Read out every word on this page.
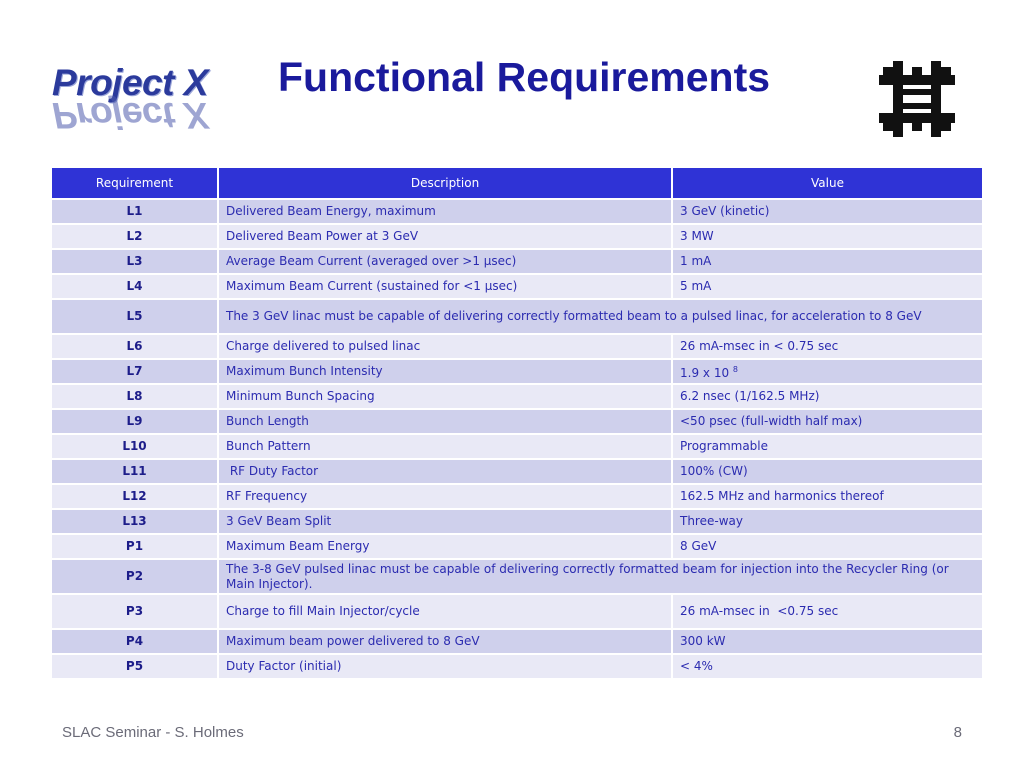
Project X
Project X
Functional Requirements
Requirement	Description	Value
L1	Delivered Beam Energy, maximum	3 GeV (kinetic)
L2	Delivered Beam Power at 3 GeV	3 MW
L3	Average Beam Current (averaged over >1 µsec)	1 mA
L4	Maximum Beam Current (sustained for <1 µsec)	5 mA
L5	The 3 GeV linac must be capable of delivering correctly formatted beam to a pulsed linac, for acceleration to 8 GeV	
L6	Charge delivered to pulsed linac	26 mA-msec in < 0.75 sec
L7	Maximum Bunch Intensity	1.9 x 10 $^8$
L8	Minimum Bunch Spacing	6.2 nsec (1/162.5 MHz)
L9	Bunch Length	<50 psec (full-width half max)
L10	Bunch Pattern	Programmable
L11	RF Duty Factor	100% (CW)
L12	RF Frequency	162.5 MHz and harmonics thereof
L13	3 GeV Beam Split	Three-way
P1	Maximum Beam Energy	8 GeV
P2	The 3-8 GeV pulsed linac must be capable of delivering correctly formatted beam for injection into the Recycler Ring (or Main Injector).	
P3	Charge to fill Main Injector/cycle	26 mA-msec in  <0.75 sec
P4	Maximum beam power delivered to 8 GeV	300 kW
P5	Duty Factor (initial)	< 4%
SLAC Seminar - S. Holmes	8
